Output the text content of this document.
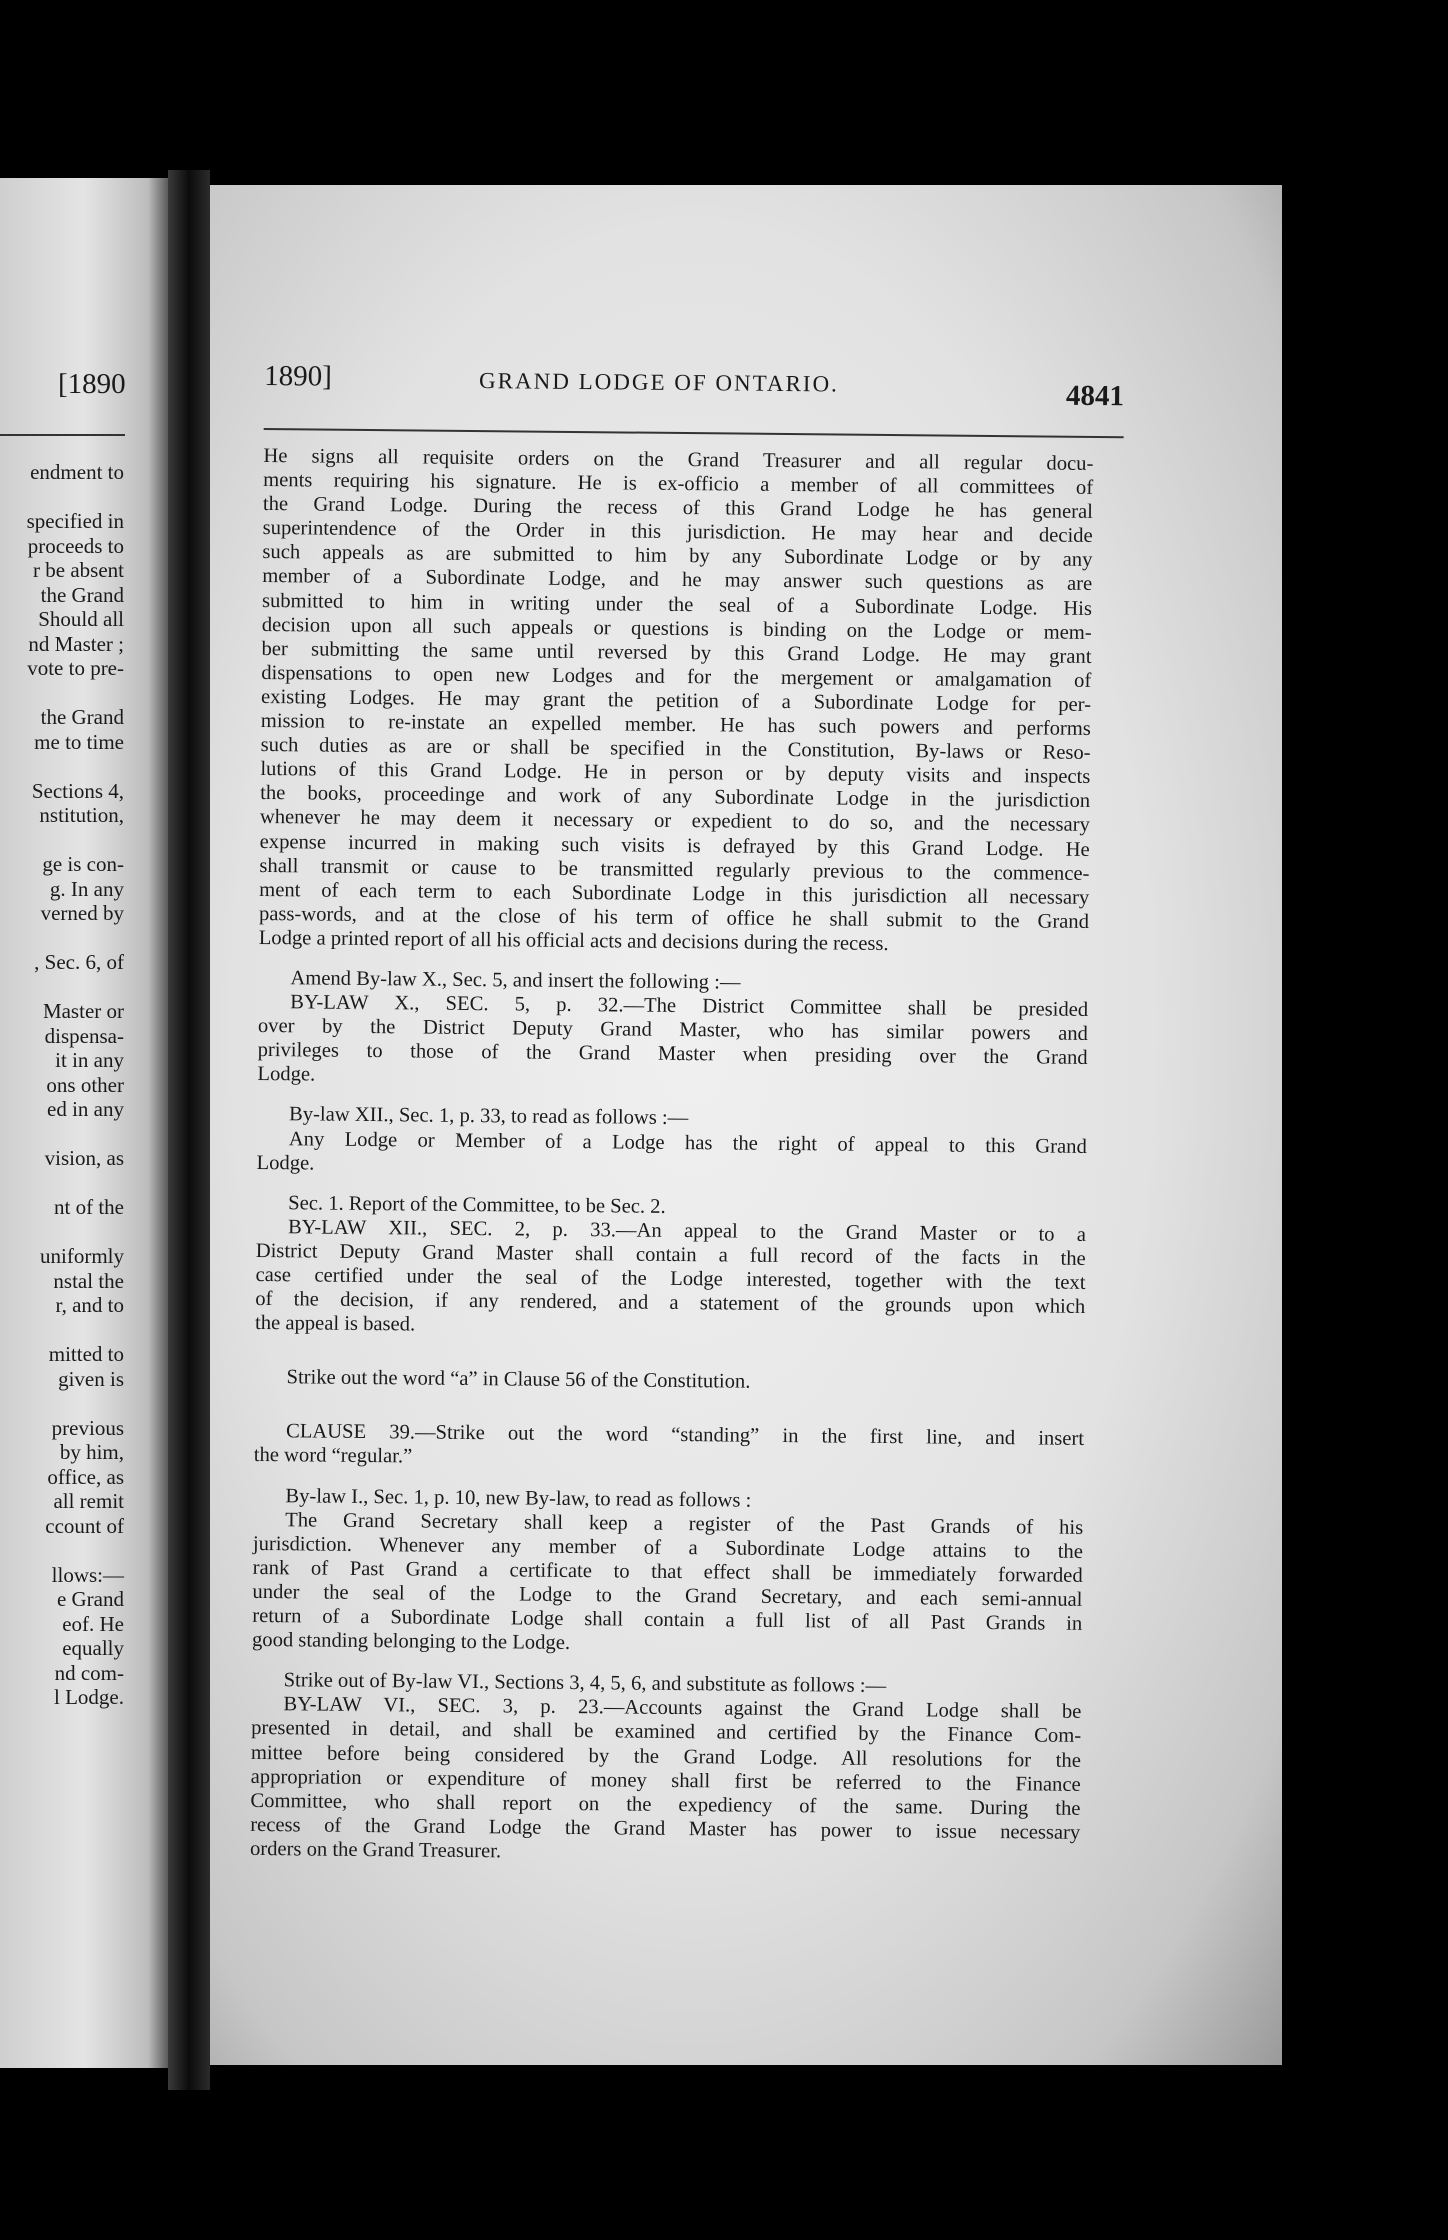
[1890
endment to
specified in
proceeds to
r be absent
the Grand
Should all
nd Master ;
vote to pre-
the Grand
me to time
Sections 4,
nstitution,
ge is con-
g. In any
verned by
, Sec. 6, of
Master or
dispensa-
it in any
ons other
ed in any
vision, as
nt of the
uniformly
nstal the
r, and to
mitted to
given is
previous
by him,
office, as
all remit
ccount of
llows:—
e Grand
eof. He
equally
nd com-
l Lodge.
1890]	GRAND LODGE OF ONTARIO.	4841
He signs all requisite orders on the Grand Treasurer and all regular docu-
ments requiring his signature. He is ex-officio a member of all committees of
the Grand Lodge. During the recess of this Grand Lodge he has general
superintendence of the Order in this jurisdiction. He may hear and decide
such appeals as are submitted to him by any Subordinate Lodge or by any
member of a Subordinate Lodge, and he may answer such questions as are
submitted to him in writing under the seal of a Subordinate Lodge. His
decision upon all such appeals or questions is binding on the Lodge or mem-
ber submitting the same until reversed by this Grand Lodge. He may grant
dispensations to open new Lodges and for the mergement or amalgamation of
existing Lodges. He may grant the petition of a Subordinate Lodge for per-
mission to re-instate an expelled member. He has such powers and performs
such duties as are or shall be specified in the Constitution, By-laws or Reso-
lutions of this Grand Lodge. He in person or by deputy visits and inspects
the books, proceedinge and work of any Subordinate Lodge in the jurisdiction
whenever he may deem it necessary or expedient to do so, and the necessary
expense incurred in making such visits is defrayed by this Grand Lodge. He
shall transmit or cause to be transmitted regularly previous to the commence-
ment of each term to each Subordinate Lodge in this jurisdiction all necessary
pass-words, and at the close of his term of office he shall submit to the Grand
Lodge a printed report of all his official acts and decisions during the recess.
Amend By-law X., Sec. 5, and insert the following :—
BY-LAW X., SEC. 5, p. 32.—The District Committee shall be presided
over by the District Deputy Grand Master, who has similar powers and
privileges to those of the Grand Master when presiding over the Grand
Lodge.
By-law XII., Sec. 1, p. 33, to read as follows :—
Any Lodge or Member of a Lodge has the right of appeal to this Grand
Lodge.
Sec. 1. Report of the Committee, to be Sec. 2.
BY-LAW XII., SEC. 2, p. 33.—An appeal to the Grand Master or to a
District Deputy Grand Master shall contain a full record of the facts in the
case certified under the seal of the Lodge interested, together with the text
of the decision, if any rendered, and a statement of the grounds upon which
the appeal is based.
Strike out the word “a” in Clause 56 of the Constitution.
CLAUSE 39.—Strike out the word “standing” in the first line, and insert
the word “regular.”
By-law I., Sec. 1, p. 10, new By-law, to read as follows :
The Grand Secretary shall keep a register of the Past Grands of his
jurisdiction. Whenever any member of a Subordinate Lodge attains to the
rank of Past Grand a certificate to that effect shall be immediately forwarded
under the seal of the Lodge to the Grand Secretary, and each semi-annual
return of a Subordinate Lodge shall contain a full list of all Past Grands in
good standing belonging to the Lodge.
Strike out of By-law VI., Sections 3, 4, 5, 6, and substitute as follows :—
BY-LAW VI., SEC. 3, p. 23.—Accounts against the Grand Lodge shall be
presented in detail, and shall be examined and certified by the Finance Com-
mittee before being considered by the Grand Lodge. All resolutions for the
appropriation or expenditure of money shall first be referred to the Finance
Committee, who shall report on the expediency of the same. During the
recess of the Grand Lodge the Grand Master has power to issue necessary
orders on the Grand Treasurer.
